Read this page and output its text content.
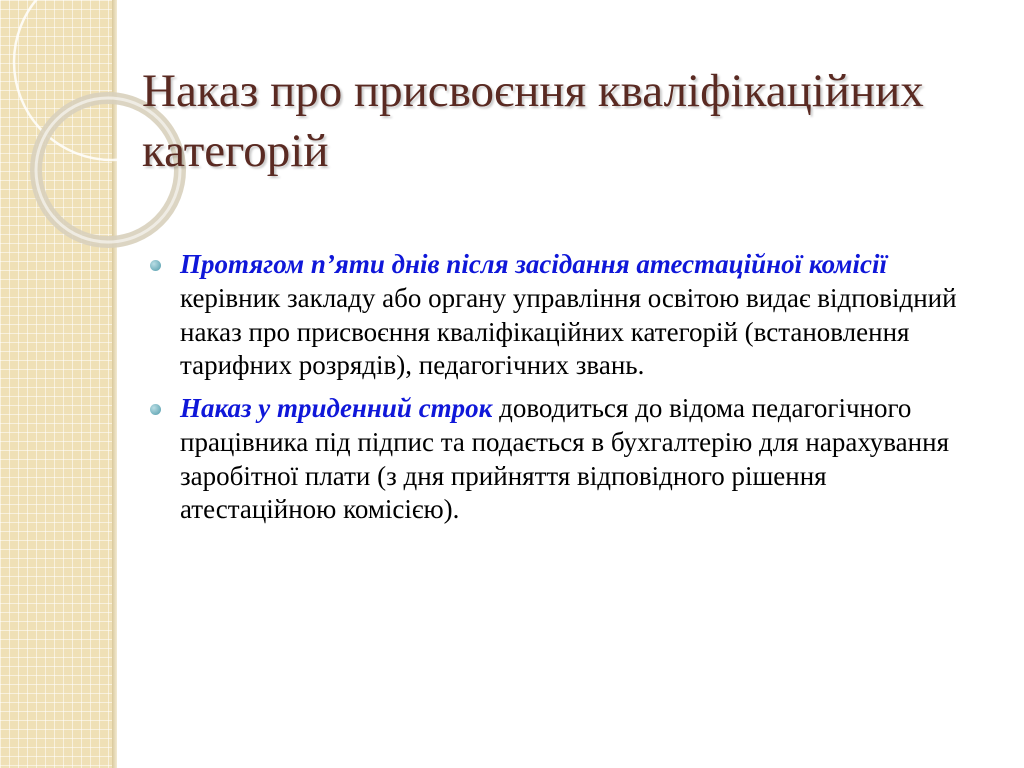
Наказ про присвоєння кваліфікаційних категорій
Протягом п’яти днів після засідання атестаційної комісії керівник закладу або органу управління освітою видає відповідний наказ про присвоєння кваліфікаційних категорій (встановлення тарифних розрядів), педагогічних звань.
Наказ у триденний строк доводиться до відома педагогічного працівника під підпис та подається в бухгалтерію для нарахування заробітної плати (з дня прийняття відповідного рішення атестаційною комісією).
